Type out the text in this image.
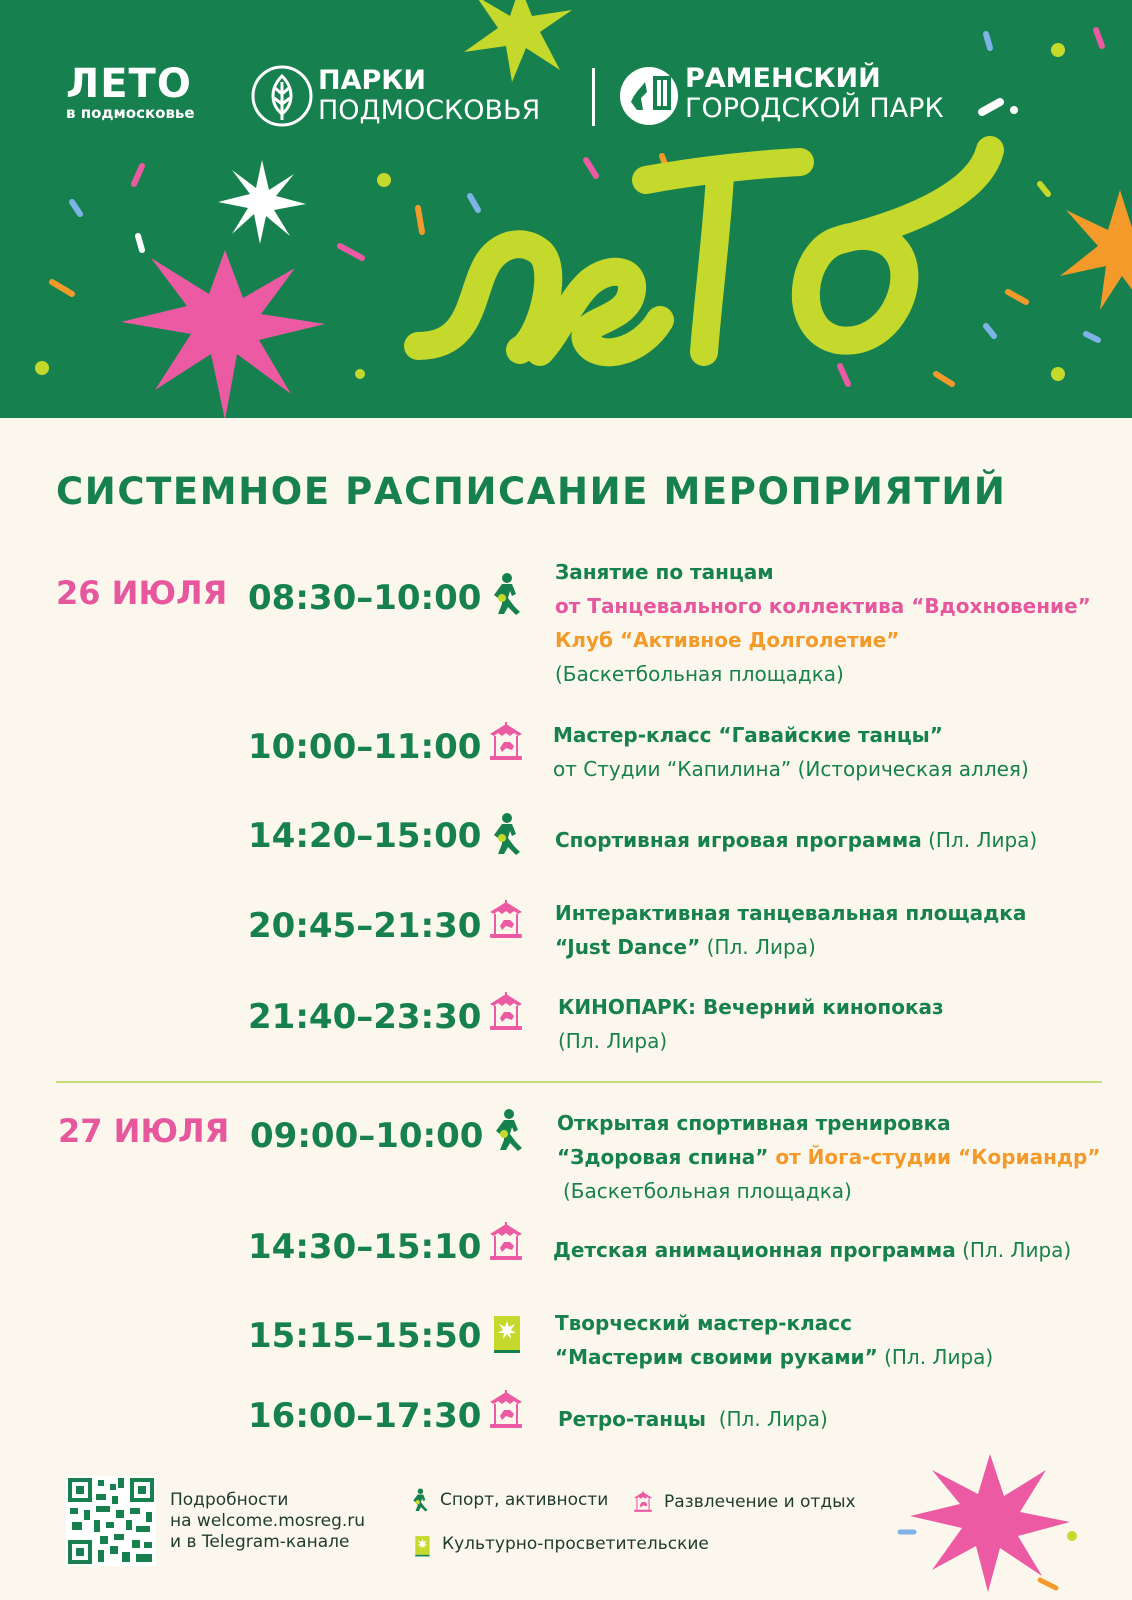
ЛЕТО
в подмосковье
ПАРКИ
ПОДМОСКОВЬЯ
РАМЕНСКИЙ
ГОРОДСКОЙ ПАРК
СИСТЕМНОЕ РАСПИСАНИЕ МЕРОПРИЯТИЙ
26 ИЮЛЯ 08:30–10:00
Занятие по танцам
от Танцевального коллектива “Вдохновение”
Клуб “Активное Долголетие”
(Баскетбольная площадка)
10:00–11:00	Мастер-класс “Гавайские танцы”
от Студии “Капилина” (Историческая аллея)
14:20–15:00	Спортивная игровая программа (Пл. Лира)
20:45–21:30	Интерактивная танцевальная площадка
“Just Dance” (Пл. Лира)
21:40–23:30	КИНОПАРК: Вечерний кинопоказ
(Пл. Лира)
27 ИЮЛЯ 09:00–10:00	Открытая спортивная тренировка
“Здоровая спина” от Йога-студии “Кориандр”
(Баскетбольная площадка)
14:30–15:10	Детская анимационная программа (Пл. Лира)
15:15–15:50	Творческий мастер-класс
“Мастерим своими руками” (Пл. Лира)
16:00–17:30	Ретро-танцы  (Пл. Лира)
Подробности
на welcome.mosreg.ru
и в Telegram-канале
Спорт, активности	Развлечение и отдых
Культурно-просветительские
